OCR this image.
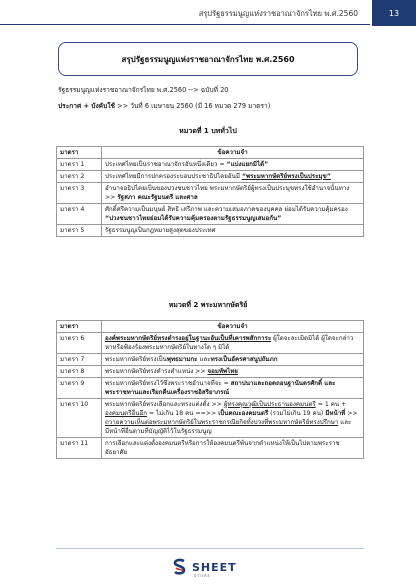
สรุปรัฐธรรมนูญแห่งราชอาณาจักรไทย พ.ศ.2560	13
สรุปรัฐธรรมนูญแห่งราชอาณาจักรไทย พ.ศ.2560
รัฐธรรมนูญแห่งราชอาณาจักรไทย พ.ศ.2560 --> ฉบับที่ 20
ประกาศ + บังคับใช้ >> วันที่ 6 เมษายน 2560 (มี 16 หมวด 279 มาตรา)
หมวดที่ 1 บททั่วไป
มาตรา	ข้อความจำ
มาตรา 1	ประเทศไทยเป็นราชอาณาจักรอันหนึ่งเดียว = “แบ่งแยกมิได้”
มาตรา 2	ประเทศไทยมีการปกครองระบอบประชาธิปไตยอันมี “พระมหากษัตริย์ทรงเป็นประมุข”
มาตรา 3	อำนาจอธิปไตยเป็นของปวงชนชาวไทย พระมหากษัตริย์ผู้ทรงเป็นประมุขทรงใช้อำนาจนั้นทาง >> รัฐสภา คณะรัฐมนตรี และศาล
มาตรา 4	ศักดิ์ศรีความเป็นมนุษย์ สิทธิ เสรีภาพ และความเสมอภาคของบุคคล ย่อมได้รับความคุ้มครอง “ปวงชนชาวไทยย่อมได้รับความคุ้มครองตามรัฐธรรมนูญเสมอกัน”
มาตรา 5	รัฐธรรมนูญเป็นกฎหมายสูงสุดของประเทศ
หมวดที่ 2 พระมหากษัตริย์
มาตรา	ข้อความจำ
มาตรา 6	องค์พระมหากษัตริย์ทรงดำรงอยู่ในฐานะอันเป็นที่เคารพสักการะ ผู้ใดจะละเมิดมิได้ ผู้ใดจะกล่าวหาหรือฟ้องร้องพระมหากษัตริย์ในทางใด ๆ มิได้
มาตรา 7	พระมหากษัตริย์ทรงเป็นพุทธมามกะ และทรงเป็นอัครศาสนูปถัมภก
มาตรา 8	พระมหากษัตริย์ทรงดำรงตำแหน่ง >> จอมทัพไทย
มาตรา 9	พระมหากษัตริย์ทรงไว้ซึ่งพระราชอำนาจที่จะ = สถาปนาและถอดถอนฐานันดรศักดิ์ และพระราชทานและเรียกคืนเครื่องราชอิสริยาภรณ์
มาตรา 10	พระมหากษัตริย์ทรงเลือกและทรงแต่งตั้ง >> ผู้ทรงคุณวุฒิเป็นประธานองคมนตรี = 1 คน + องคมนตรีอื่นอีก = ไม่เกิน 18 คน ==>> เป็นคณะองคมนตรี (รวมไม่เกิน 19 คน) มีหน้าที่ >> ถวายความเห็นต่อพระมหากษัตริย์ในพระราชกรณียกิจทั้งปวงที่พระมหากษัตริย์ทรงปรึกษา และมีหน้าที่อื่นตามที่บัญญัติไว้ในรัฐธรรมนูญ
มาตรา 11	การเลือกและแต่งตั้งองคมนตรีหรือการให้องคมนตรีพ้นจากตำแหน่งให้เป็นไปตามพระราชอัธยาศัย
SHEET
STORE
